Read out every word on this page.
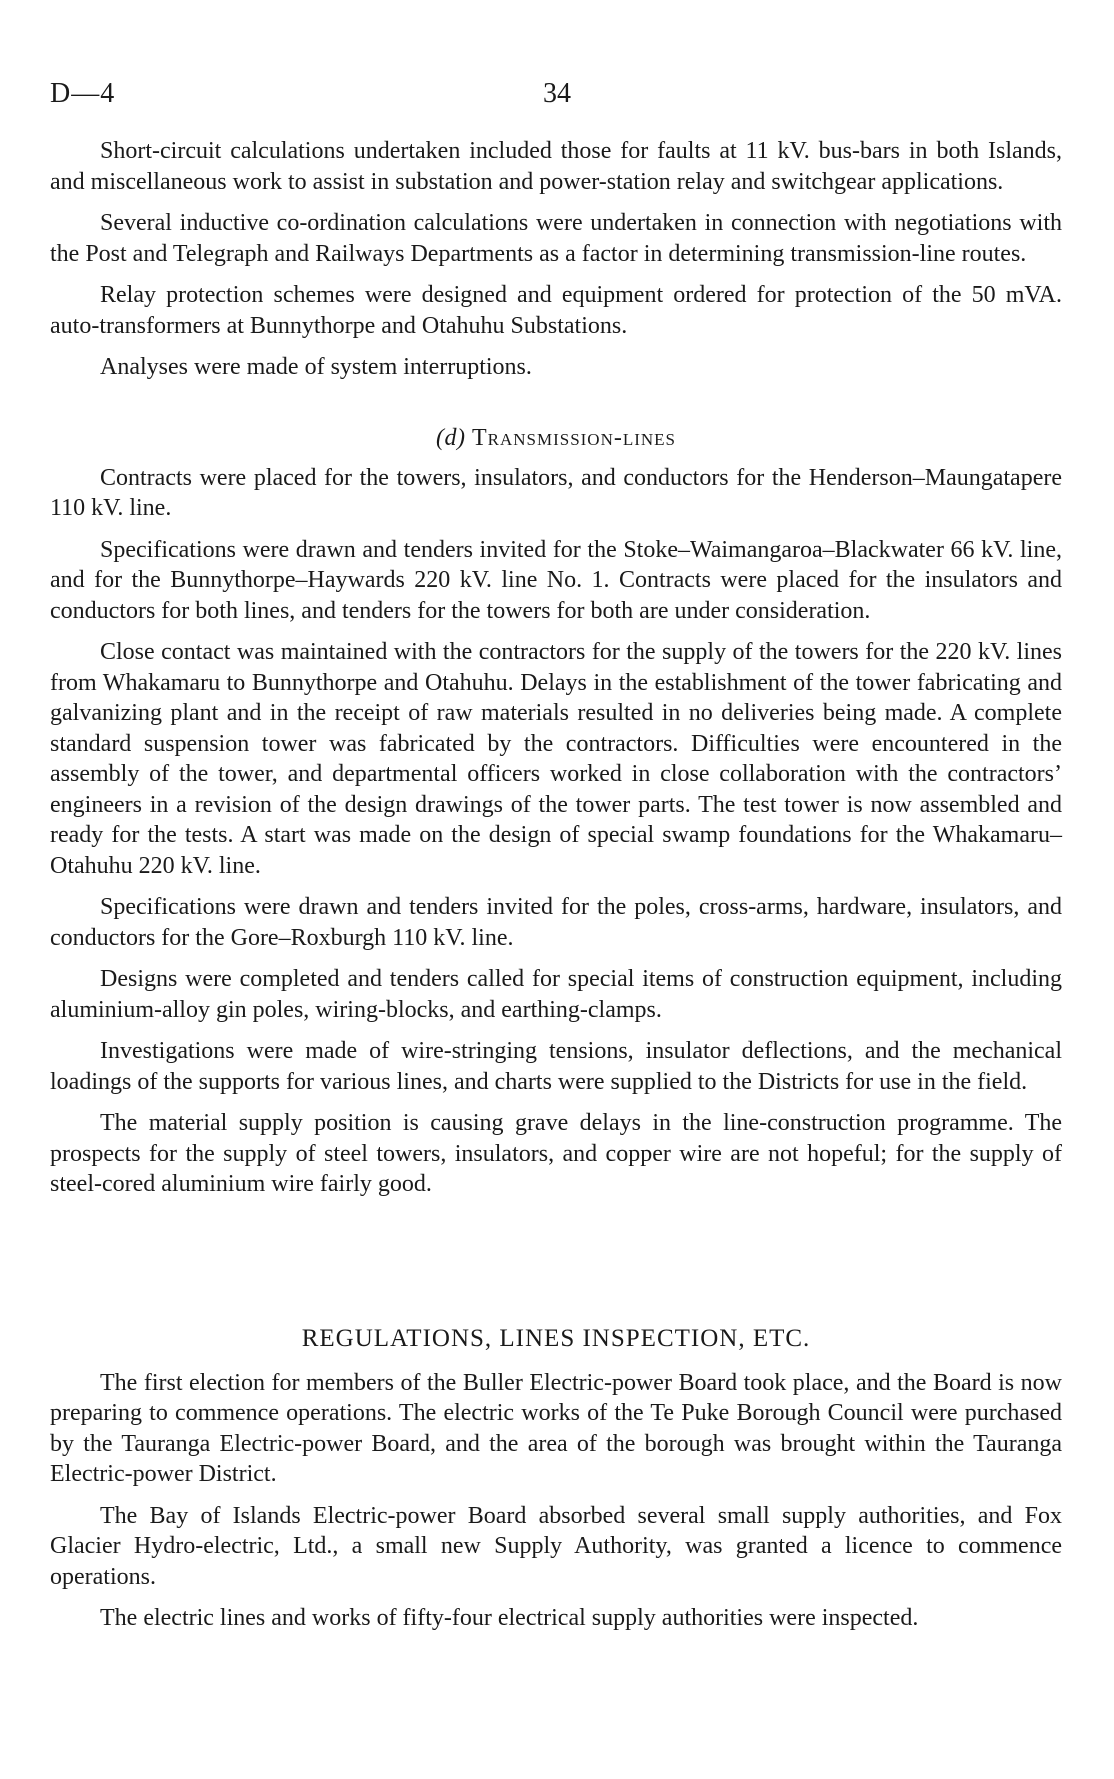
D—4	34

Short-circuit calculations undertaken included those for faults at 11 kV. bus-bars in both Islands, and miscellaneous work to assist in substation and power-station relay and switchgear applications.

Several inductive co-ordination calculations were undertaken in connection with negotiations with the Post and Telegraph and Railways Departments as a factor in determining transmission-line routes.

Relay protection schemes were designed and equipment ordered for protection of the 50 mVA. auto-transformers at Bunnythorpe and Otahuhu Substations.

Analyses were made of system interruptions.

(d) Transmission-lines

Contracts were placed for the towers, insulators, and conductors for the Henderson–Maungatapere 110 kV. line.

Specifications were drawn and tenders invited for the Stoke–Waimangaroa–Blackwater 66 kV. line, and for the Bunnythorpe–Haywards 220 kV. line No. 1. Contracts were placed for the insulators and conductors for both lines, and tenders for the towers for both are under consideration.

Close contact was maintained with the contractors for the supply of the towers for the 220 kV. lines from Whakamaru to Bunnythorpe and Otahuhu. Delays in the establishment of the tower fabricating and galvanizing plant and in the receipt of raw materials resulted in no deliveries being made. A complete standard suspension tower was fabricated by the contractors. Difficulties were encountered in the assembly of the tower, and departmental officers worked in close collaboration with the contractors’ engineers in a revision of the design drawings of the tower parts. The test tower is now assembled and ready for the tests. A start was made on the design of special swamp foundations for the Whakamaru–Otahuhu 220 kV. line.

Specifications were drawn and tenders invited for the poles, cross-arms, hardware, insulators, and conductors for the Gore–Roxburgh 110 kV. line.

Designs were completed and tenders called for special items of construction equipment, including aluminium-alloy gin poles, wiring-blocks, and earthing-clamps.

Investigations were made of wire-stringing tensions, insulator deflections, and the mechanical loadings of the supports for various lines, and charts were supplied to the Districts for use in the field.

The material supply position is causing grave delays in the line-construction programme. The prospects for the supply of steel towers, insulators, and copper wire are not hopeful; for the supply of steel-cored aluminium wire fairly good.

REGULATIONS, LINES INSPECTION, ETC.

The first election for members of the Buller Electric-power Board took place, and the Board is now preparing to commence operations. The electric works of the Te Puke Borough Council were purchased by the Tauranga Electric-power Board, and the area of the borough was brought within the Tauranga Electric-power District.

The Bay of Islands Electric-power Board absorbed several small supply authorities, and Fox Glacier Hydro-electric, Ltd., a small new Supply Authority, was granted a licence to commence operations.

The electric lines and works of fifty-four electrical supply authorities were inspected.
